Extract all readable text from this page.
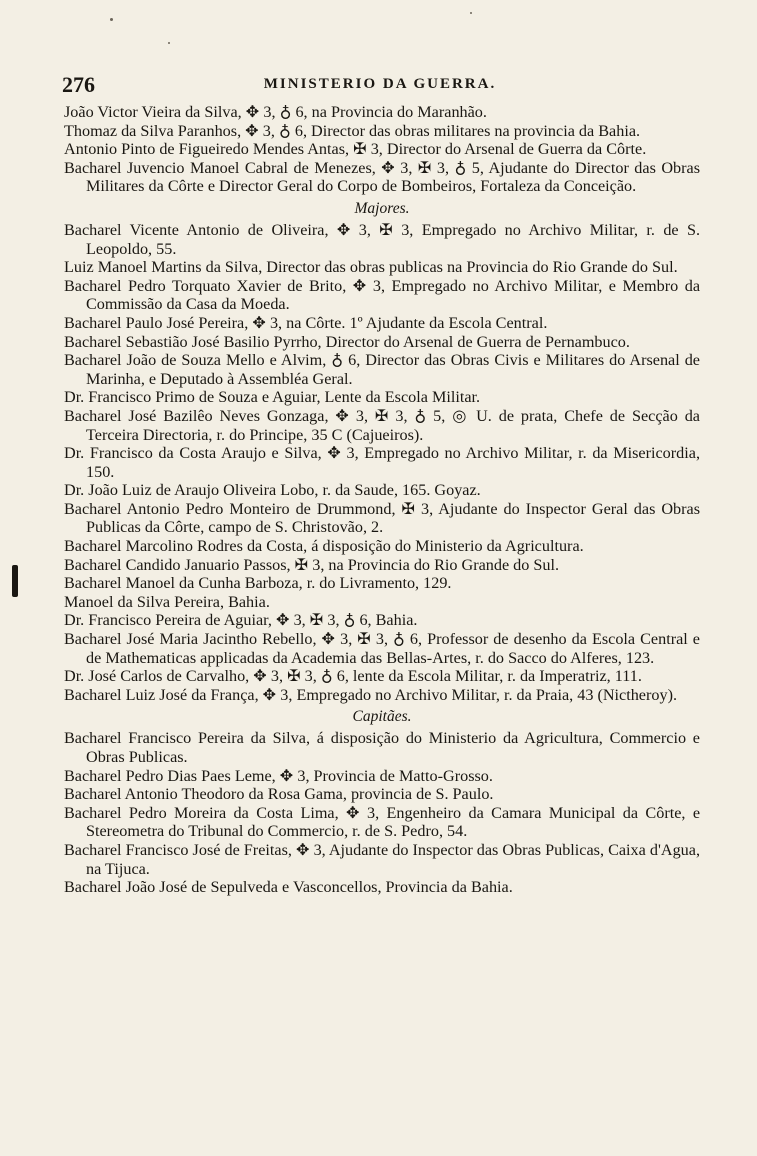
276	MINISTERIO DA GUERRA.
João Victor Vieira da Silva, ✥ 3, ♁ 6, na Provincia do Maranhão.
Thomaz da Silva Paranhos, ✥ 3, ♁ 6, Director das obras militares na provincia da Bahia.
Antonio Pinto de Figueiredo Mendes Antas, ✠ 3, Director do Arsenal de Guerra da Côrte.
Bacharel Juvencio Manoel Cabral de Menezes, ✥ 3, ✠ 3, ♁ 5, Ajudante do Director das Obras Militares da Côrte e Director Geral do Corpo de Bombeiros, Fortaleza da Conceição.
Majores.
Bacharel Vicente Antonio de Oliveira, ✥ 3, ✠ 3, Empregado no Archivo Militar, r. de S. Leopoldo, 55.
Luiz Manoel Martins da Silva, Director das obras publicas na Provincia do Rio Grande do Sul.
Bacharel Pedro Torquato Xavier de Brito, ✥ 3, Empregado no Archivo Militar, e Membro da Commissão da Casa da Moeda.
Bacharel Paulo José Pereira, ✥ 3, na Côrte. 1º Ajudante da Escola Central.
Bacharel Sebastião José Basilio Pyrrho, Director do Arsenal de Guerra de Pernambuco.
Bacharel João de Souza Mello e Alvim, ♁ 6, Director das Obras Civis e Militares do Arsenal de Marinha, e Deputado à Assembléa Geral.
Dr. Francisco Primo de Souza e Aguiar, Lente da Escola Militar.
Bacharel José Bazilêo Neves Gonzaga, ✥ 3, ✠ 3, ♁ 5, ◎ U. de prata, Chefe de Secção da Terceira Directoria, r. do Principe, 35 C (Cajueiros).
Dr. Francisco da Costa Araujo e Silva, ✥ 3, Empregado no Archivo Militar, r. da Misericordia, 150.
Dr. João Luiz de Araujo Oliveira Lobo, r. da Saude, 165. Goyaz.
Bacharel Antonio Pedro Monteiro de Drummond, ✠ 3, Ajudante do Inspector Geral das Obras Publicas da Côrte, campo de S. Christovão, 2.
Bacharel Marcolino Rodres da Costa, á disposição do Ministerio da Agricultura.
Bacharel Candido Januario Passos, ✠ 3, na Provincia do Rio Grande do Sul.
Bacharel Manoel da Cunha Barboza, r. do Livramento, 129.
Manoel da Silva Pereira, Bahia.
Dr. Francisco Pereira de Aguiar, ✥ 3, ✠ 3, ♁ 6, Bahia.
Bacharel José Maria Jacintho Rebello, ✥ 3, ✠ 3, ♁ 6, Professor de desenho da Escola Central e de Mathematicas applicadas da Academia das Bellas-Artes, r. do Sacco do Alferes, 123.
Dr. José Carlos de Carvalho, ✥ 3, ✠ 3, ♁ 6, lente da Escola Militar, r. da Imperatriz, 111.
Bacharel Luiz José da França, ✥ 3, Empregado no Archivo Militar, r. da Praia, 43 (Nictheroy).
Capitães.
Bacharel Francisco Pereira da Silva, á disposição do Ministerio da Agricultura, Commercio e Obras Publicas.
Bacharel Pedro Dias Paes Leme, ✥ 3, Provincia de Matto-Grosso.
Bacharel Antonio Theodoro da Rosa Gama, provincia de S. Paulo.
Bacharel Pedro Moreira da Costa Lima, ✥ 3, Engenheiro da Camara Municipal da Côrte, e Stereometra do Tribunal do Commercio, r. de S. Pedro, 54.
Bacharel Francisco José de Freitas, ✥ 3, Ajudante do Inspector das Obras Publicas, Caixa d'Agua, na Tijuca.
Bacharel João José de Sepulveda e Vasconcellos, Provincia da Bahia.
